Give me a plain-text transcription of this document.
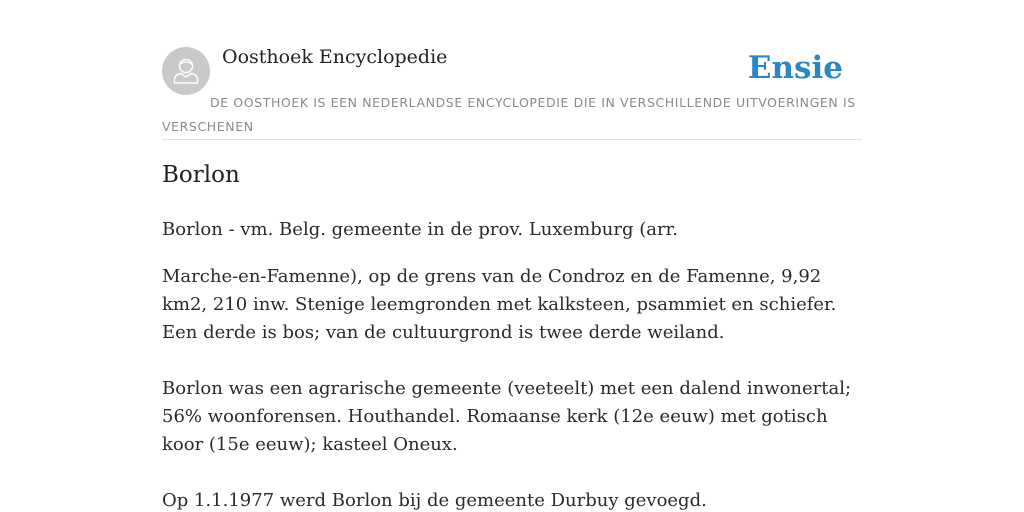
Oosthoek Encyclopedie	Ensie

DE OOSTHOEK IS EEN NEDERLANDSE ENCYCLOPEDIE DIE IN VERSCHILLENDE UITVOERINGEN IS VERSCHENEN

Borlon

Borlon - vm. Belg. gemeente in de prov. Luxemburg (arr.

Marche-en-Famenne), op de grens van de Condroz en de Famenne, 9,92 km2, 210 inw. Stenige leemgronden met kalksteen, psammiet en schiefer. Een derde is bos; van de cultuurgrond is twee derde weiland.

Borlon was een agrarische gemeente (veeteelt) met een dalend inwonertal; 56% woonforensen. Houthandel. Romaanse kerk (12e eeuw) met gotisch koor (15e eeuw); kasteel Oneux.

Op 1.1.1977 werd Borlon bij de gemeente Durbuy gevoegd.
